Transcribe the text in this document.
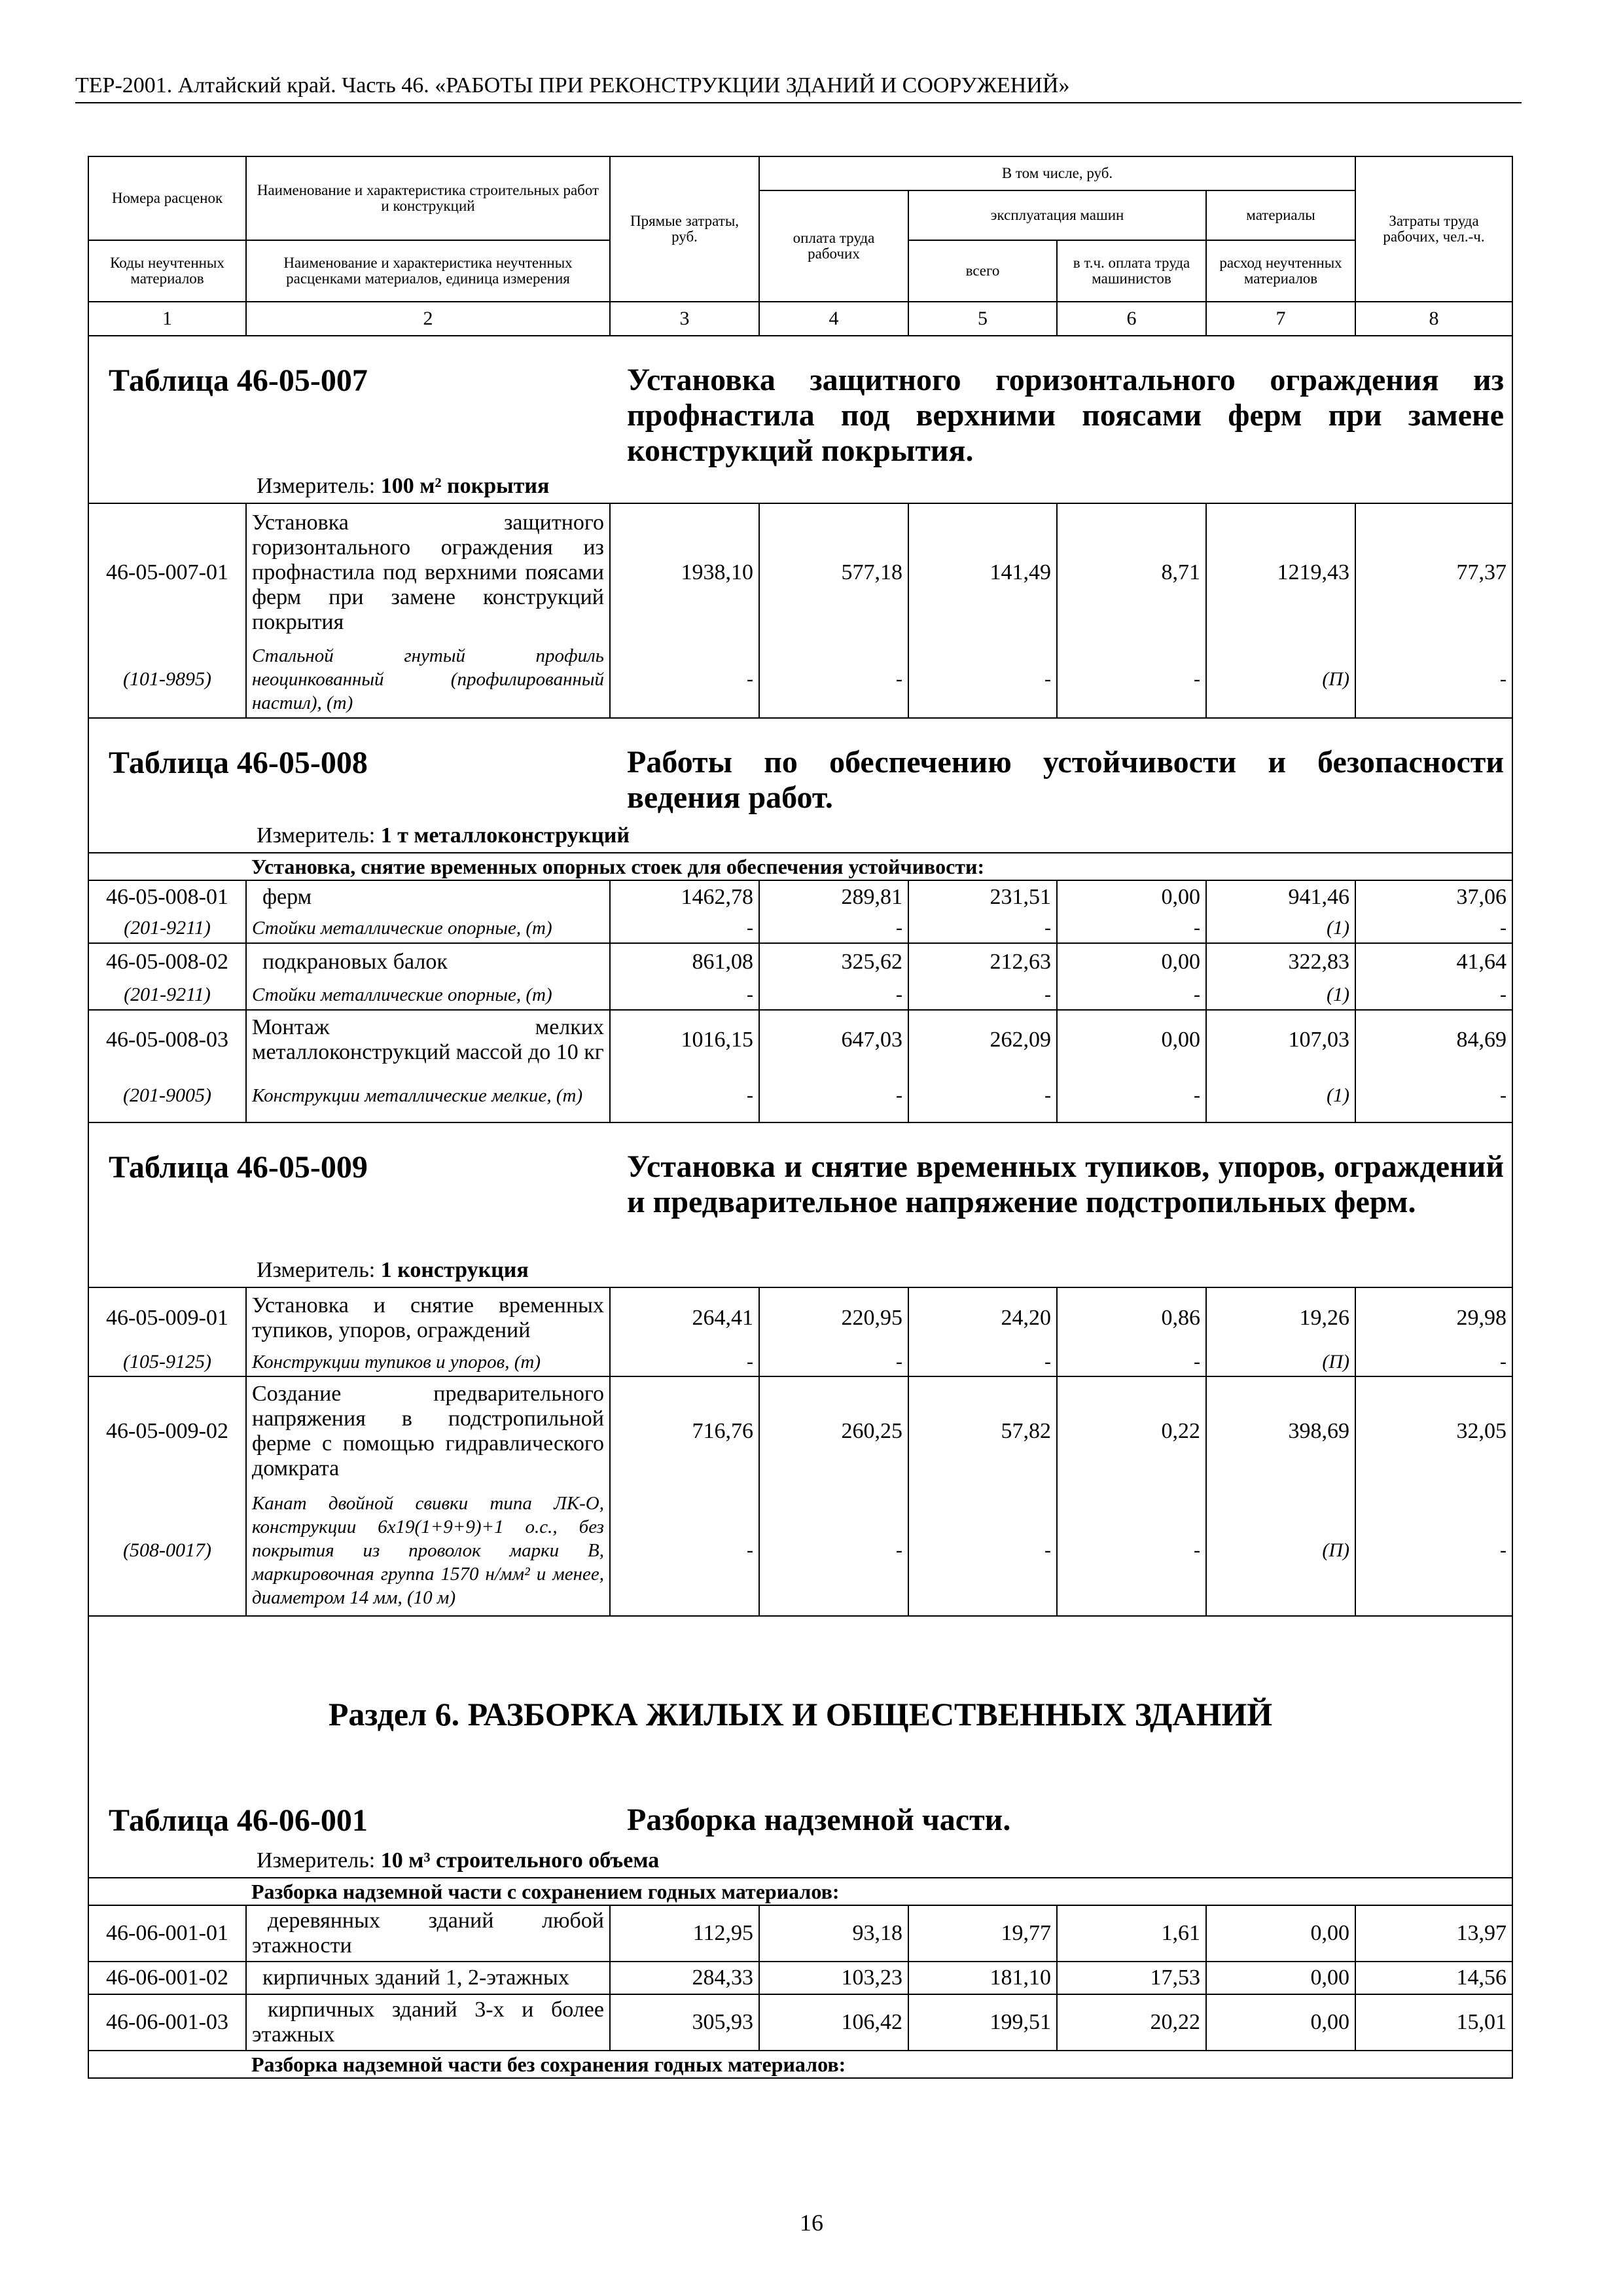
ТЕР-2001. Алтайский край. Часть 46. «РАБОТЫ ПРИ РЕКОНСТРУКЦИИ ЗДАНИЙ И СООРУЖЕНИЙ»
Номера расценок	Наименование и характеристика строительных работ и конструкций	Прямые затраты, руб.	В том числе, руб.				Затраты труда рабочих, чел.-ч.
			оплата труда рабочих	эксплуатация машин		материалы	
Коды неучтенных материалов	Наименование и характеристика неучтенных расценками материалов, единица измерения			всего	в т.ч. оплата труда машинистов	расход неучтенных материалов	
1	2	3	4	5	6	7	8

Таблица 46-05-007 Установка защитного горизонтального ограждения из профнастила под верхними поясами ферм при замене конструкций покрытия.
Измеритель: 100 м² покрытия							

46-05-007-01	Установка защитного горизонтального ограждения из профнастила под верхними поясами ферм при замене конструкций покрытия	1938,10	577,18	141,49	8,71	1219,43	77,37
(101-9895)	Стальной гнутый профиль неоцинкованный (профилированный настил), (т)	-	-	-	-	(П)	-

Таблица 46-05-008 Работы по обеспечению устойчивости и безопасности ведения работ.
Измеритель: 1 т металлоконструкций							

	Установка, снятие временных опорных стоек для обеспечения устойчивости:						
46-05-008-01	ферм	1462,78	289,81	231,51	0,00	941,46	37,06
(201-9211)	Стойки металлические опорные, (т)	-	-	-	-	(1)	-
46-05-008-02	подкрановых балок	861,08	325,62	212,63	0,00	322,83	41,64
(201-9211)	Стойки металлические опорные, (т)	-	-	-	-	(1)	-
46-05-008-03	Монтаж мелких металлоконструкций массой до 10 кг	1016,15	647,03	262,09	0,00	107,03	84,69
(201-9005)	Конструкции металлические мелкие, (т)	-	-	-	-	(1)	-

Таблица 46-05-009 Установка и снятие временных тупиков, упоров, ограждений и предварительное напряжение подстропильных ферм.
Измеритель: 1 конструкция							

46-05-009-01	Установка и снятие временных тупиков, упоров, ограждений	264,41	220,95	24,20	0,86	19,26	29,98
(105-9125)	Конструкции тупиков и упоров, (т)	-	-	-	-	(П)	-
46-05-009-02	Создание предварительного напряжения в подстропильной ферме с помощью гидравлического домкрата	716,76	260,25	57,82	0,22	398,69	32,05
(508-0017)	Канат двойной свивки типа ЛК-О, конструкции 6х19(1+9+9)+1 о.с., без покрытия из проволок марки В, маркировочная группа 1570 н/мм² и менее, диаметром 14 мм, (10 м)	-	-	-	-	(П)	-

Раздел 6. РАЗБОРКА ЖИЛЫХ И ОБЩЕСТВЕННЫХ ЗДАНИЙ
Таблица 46-06-001 Разборка надземной части.
Измеритель: 10 м³ строительного объема							

	Разборка надземной части с сохранением годных материалов:						
46-06-001-01	деревянных зданий любой этажности	112,95	93,18	19,77	1,61	0,00	13,97
46-06-001-02	кирпичных зданий 1, 2-этажных	284,33	103,23	181,10	17,53	0,00	14,56
46-06-001-03	кирпичных зданий 3-х и более этажных	305,93	106,42	199,51	20,22	0,00	15,01
	Разборка надземной части без сохранения годных материалов:						
16
